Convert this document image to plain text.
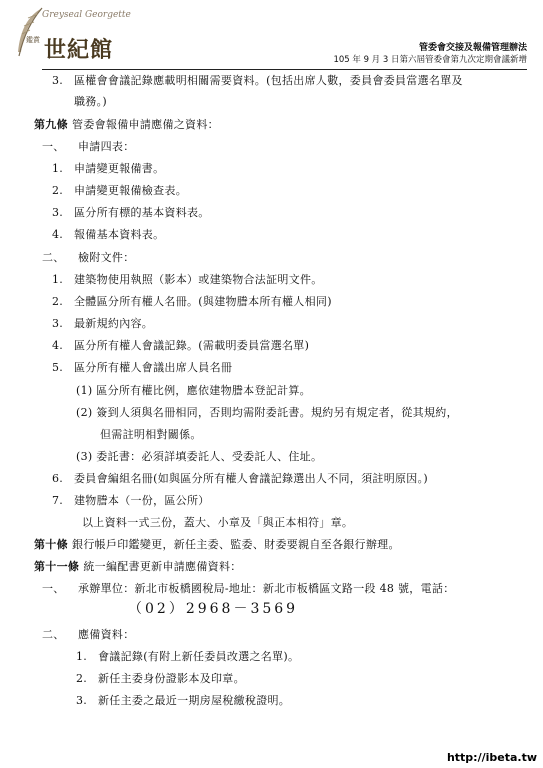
Greyseal Georgette
鑑賞 世紀館	管委會交接及報備管理辦法
105 年 9 月 3 日第六屆管委會第九次定期會議新增
3. 區權會會議記錄應載明相關需要資料。(包括出席人數，委員會委員當選名單及
職務。)
第九條 管委會報備申請應備之資料：
一、 申請四表：
1. 申請變更報備書。
2. 申請變更報備檢查表。
3. 區分所有標的基本資料表。
4. 報備基本資料表。
二、 檢附文件：
1. 建築物使用執照（影本）或建築物合法証明文件。
2. 全體區分所有權人名冊。(與建物謄本所有權人相同)
3. 最新規約內容。
4. 區分所有權人會議記錄。(需載明委員當選名單)
5. 區分所有權人會議出席人員名冊
(1) 區分所有權比例，應依建物謄本登記計算。
(2) 簽到人須與名冊相同，否則均需附委託書。規約另有規定者，從其規約，
但需註明相對關係。
(3) 委託書：必須詳填委託人、受委託人、住址。
6. 委員會編組名冊(如與區分所有權人會議記錄選出人不同，須註明原因。)
7. 建物謄本（一份，區公所）
以上資料一式三份，蓋大、小章及「與正本相符」章。
第十條 銀行帳戶印鑑變更，新任主委、監委、財委要親自至各銀行辦理。
第十一條 統一編配書更新申請應備資料：
一、 承辦單位：新北市板橋國稅局-地址：新北市板橋區文路一段 48 號，電話：
（02）2968－3569
二、 應備資料：
1. 會議記錄(有附上新任委員改選之名單)。
2. 新任主委身份證影本及印章。
3. 新任主委之最近一期房屋稅繳稅證明。
http://ibeta.tw
